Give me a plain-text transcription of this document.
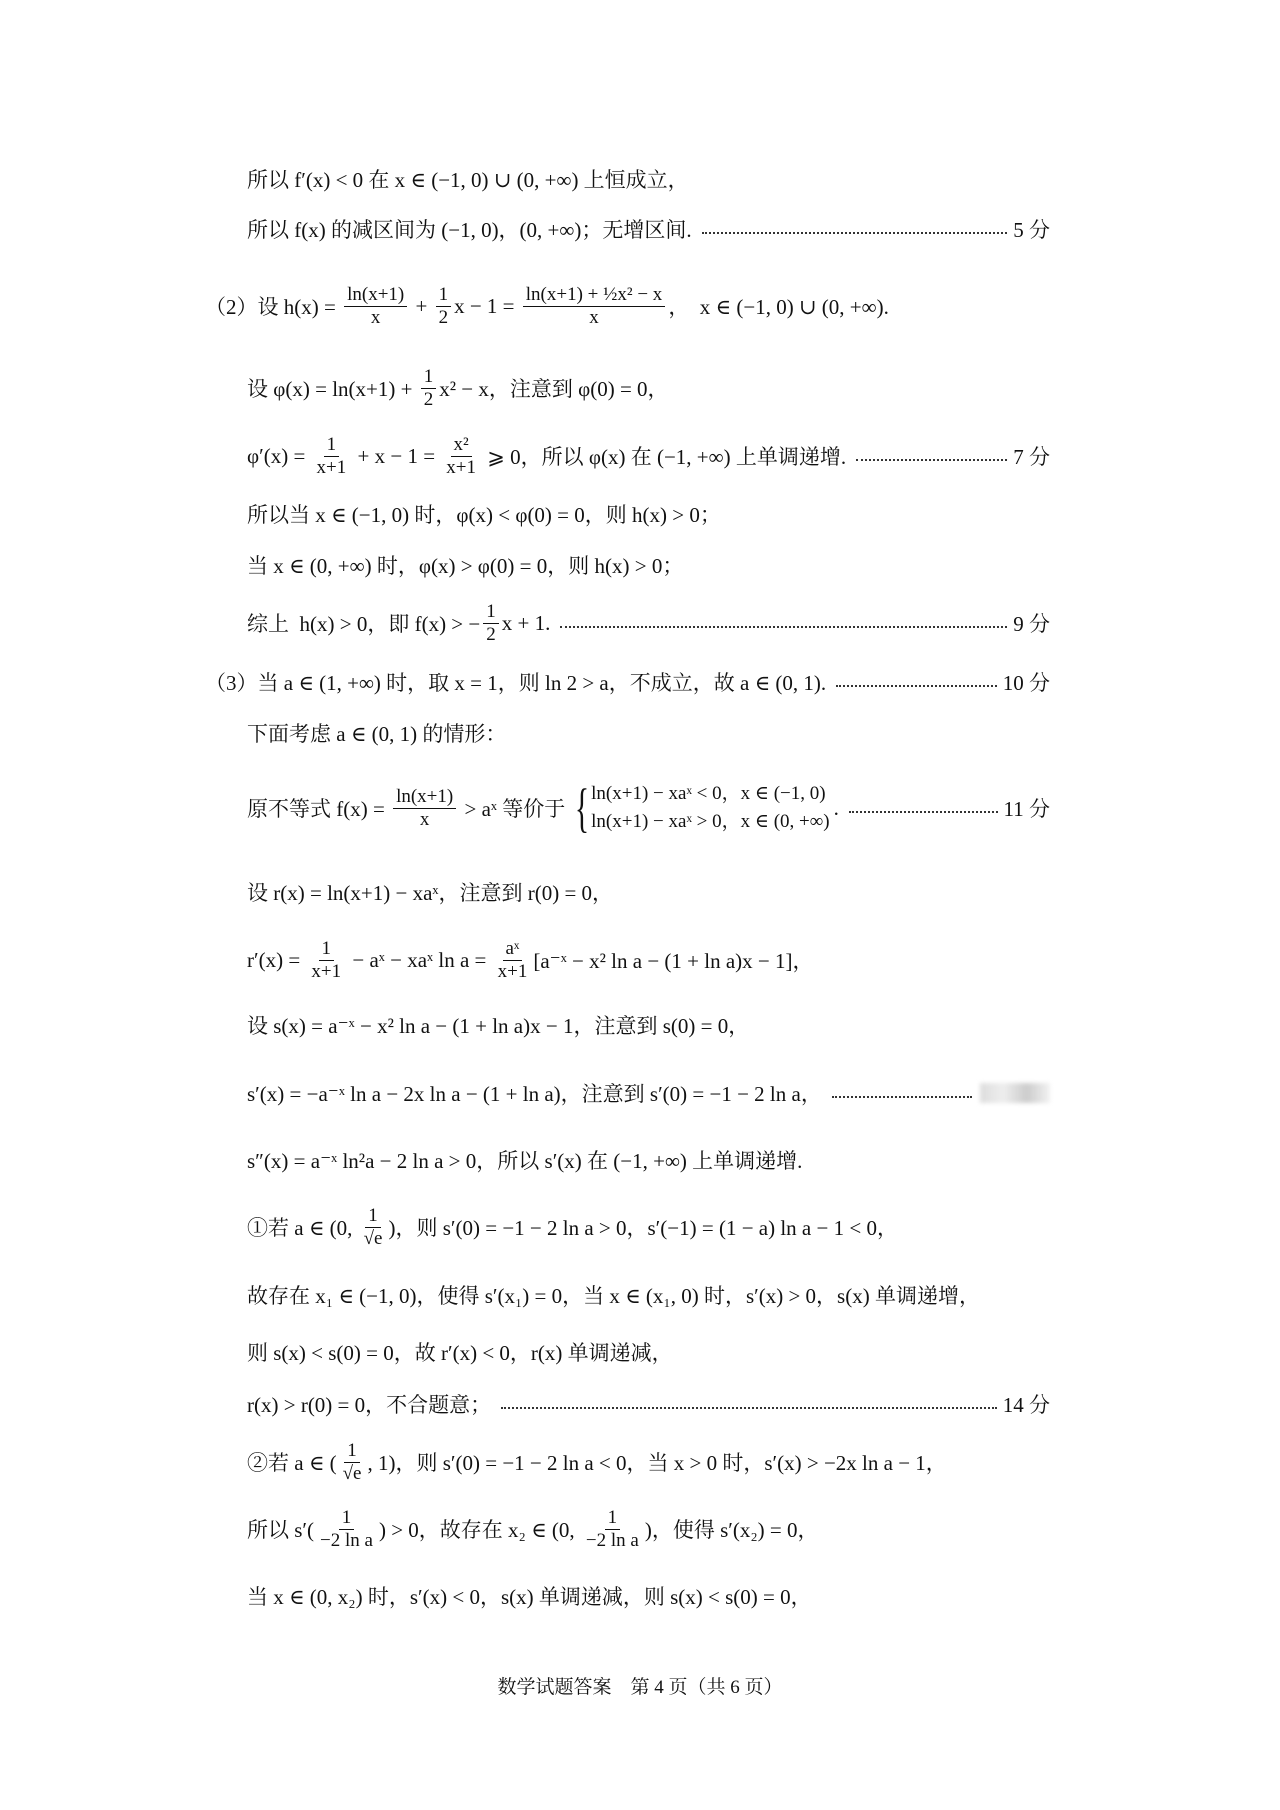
所以 f′(x) < 0 在 x ∈ (−1, 0) ∪ (0, +∞) 上恒成立，
所以 f(x) 的减区间为 (−1, 0)，(0, +∞)；无增区间.	5 分
（2）设 $h(x) = \frac{\ln(x+1)}{x} + \frac{1}{2}$ $x - 1 = \frac{\text{ln(x+1) + ½x² − x}}{x}$ ，  x ∈ (−1, 0) ∪ (0, +∞).
设 $\varphi(x) = \ln(x+1) + \frac{1}{2} x^2 - x$，注意到 φ(0) = 0，
$\varphi'(x) = \frac{1}{x+1} + x - 1 = \frac{\text{x²}}{x+1}$ ⩾ 0，所以 φ(x) 在 (−1, +∞) 上单调递增.	7 分
所以当 x ∈ (−1, 0) 时，φ(x) < φ(0) = 0，则 h(x) > 0；
当 x ∈ (0, +∞) 时，φ(x) > φ(0) = 0，则 h(x) > 0；
综上  h(x) > 0，即 f(x) > − $\frac{1}{2}$ x + 1.	9 分
（3）当 a ∈ (1, +∞) 时，取 x = 1，则 ln 2 > a，不成立，故 a ∈ (0, 1).	10 分
下面考虑 a ∈ (0, 1) 的情形：
原不等式 $f(x) = \frac{\ln(x+1)}{x}$ > aˣ 等价于 { ln(x+1) − xaˣ < 0，x ∈ (−1, 0)
ln(x+1) − xaˣ > 0，x ∈ (0, +∞)
.	11 分
设 r(x) = ln(x+1) − xaˣ，注意到 r(0) = 0，
$r'(x) = \frac{1}{x+1}$ − aˣ − xaˣ $\ln a = \frac{\text{aˣ}}{x+1}$ [a⁻ˣ − x² ln a − (1 + ln a)x − 1]，
设 s(x) = a⁻ˣ − x² ln a − (1 + ln a)x − 1，注意到 s(0) = 0，
s′(x) = −a⁻ˣ ln a − 2x ln a − (1 + ln a)，注意到 s′(0) = −1 − 2 ln a，
s″(x) = a⁻ˣ ln²a − 2 ln a > 0，所以 s′(x) 在 (−1, +∞) 上单调递增.
①若 a ∈ (0, $\frac{1}{√e}$ )，则 s′(0) = −1 − 2 ln a > 0，s′(−1) = (1 − a) ln a − 1 < 0，
故存在 x₁ ∈ (−1, 0)，使得 s′(x₁) = 0，当 x ∈ (x₁, 0) 时，s′(x) > 0，s(x) 单调递增，
则 s(x) < s(0) = 0，故 r′(x) < 0，r(x) 单调递减，
r(x) > r(0) = 0，不合题意；	14 分
②若 a ∈ ( $\frac{1}{√e}$ , 1)，则 s′(0) = −1 − 2 ln a < 0，当 x > 0 时，s′(x) > −2x ln a − 1，
所以 $s'( \frac{1}{\text{−2 ln a}}$ ) > 0，故存在 x₂ ∈ (0, $\frac{1}{\text{−2 ln a}}$ )，使得 s′(x₂) = 0，
当 x ∈ (0, x₂) 时，s′(x) < 0，s(x) 单调递减，则 s(x) < s(0) = 0，
数学试题答案　第 4 页（共 6 页）
